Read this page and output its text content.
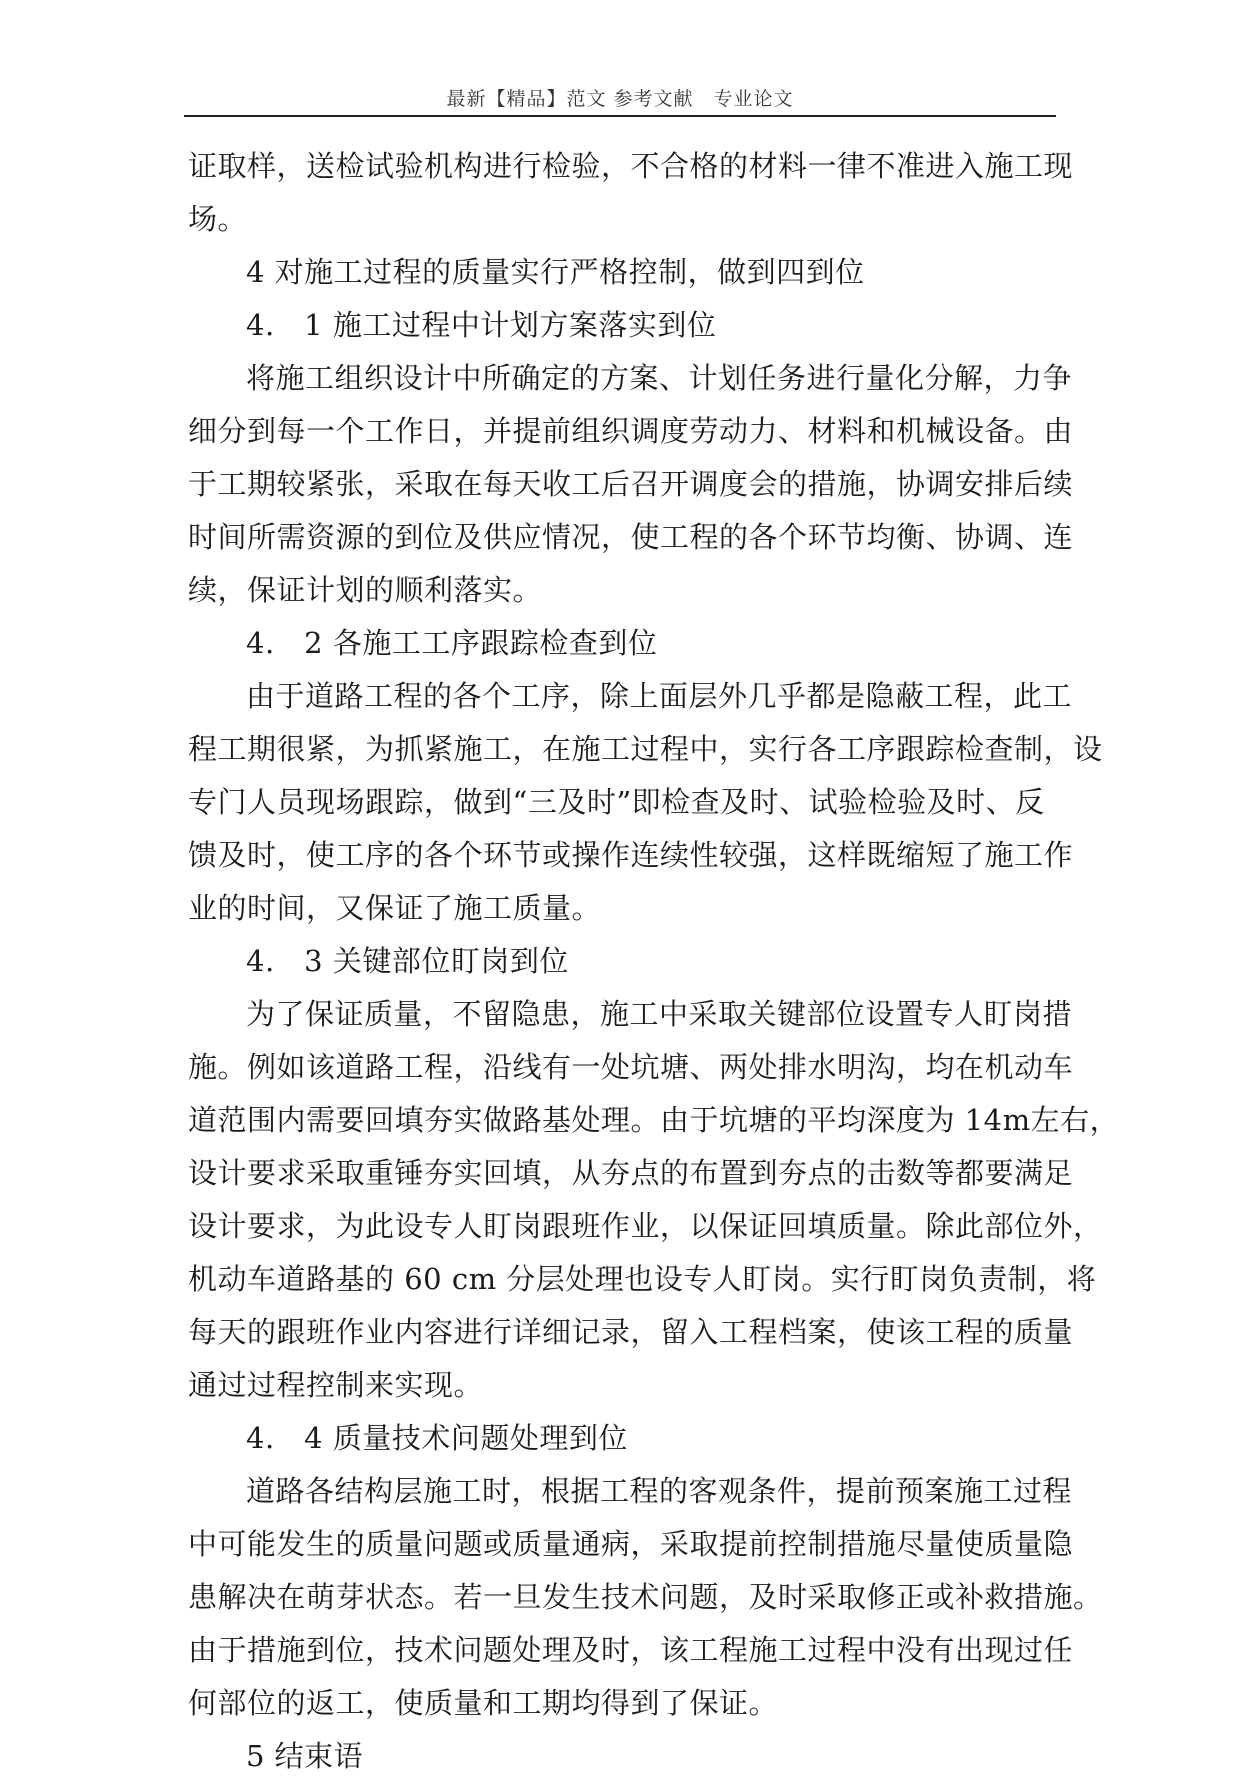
最新【精品】范文 参考文献　专业论文
证取样，送检试验机构进行检验，不合格的材料一律不准进入施工现
场。
4 对施工过程的质量实行严格控制，做到四到位
4.　1 施工过程中计划方案落实到位
将施工组织设计中所确定的方案、计划任务进行量化分解，力争
细分到每一个工作日，并提前组织调度劳动力、材料和机械设备。由
于工期较紧张，采取在每天收工后召开调度会的措施，协调安排后续
时间所需资源的到位及供应情况，使工程的各个环节均衡、协调、连
续，保证计划的顺利落实。
4.　2 各施工工序跟踪检查到位
由于道路工程的各个工序，除上面层外几乎都是隐蔽工程，此工
程工期很紧，为抓紧施工，在施工过程中，实行各工序跟踪检查制，设
专门人员现场跟踪，做到“三及时”即检查及时、试验检验及时、反
馈及时，使工序的各个环节或操作连续性较强，这样既缩短了施工作
业的时间，又保证了施工质量。
4.　3 关键部位盯岗到位
为了保证质量，不留隐患，施工中采取关键部位设置专人盯岗措
施。例如该道路工程，沿线有一处坑塘、两处排水明沟，均在机动车
道范围内需要回填夯实做路基处理。由于坑塘的平均深度为 14m左右，
设计要求采取重锤夯实回填，从夯点的布置到夯点的击数等都要满足
设计要求，为此设专人盯岗跟班作业，以保证回填质量。除此部位外，
机动车道路基的 60 cm 分层处理也设专人盯岗。实行盯岗负责制，将
每天的跟班作业内容进行详细记录，留入工程档案，使该工程的质量
通过过程控制来实现。
4.　4 质量技术问题处理到位
道路各结构层施工时，根据工程的客观条件，提前预案施工过程
中可能发生的质量问题或质量通病，采取提前控制措施尽量使质量隐
患解决在萌芽状态。若一旦发生技术问题，及时采取修正或补救措施。
由于措施到位，技术问题处理及时，该工程施工过程中没有出现过任
何部位的返工，使质量和工期均得到了保证。
5 结束语
